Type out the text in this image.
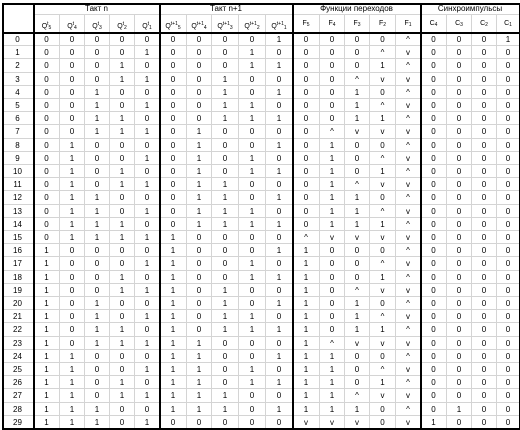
Такт n	Такт n+1	Функции переходов	Синхроимпульсы
$Q^t_5$	$Q^t_4$	$Q^t_3$	$Q^t_2$	$Q^t_1$	$Q^{t+1}_5$	$Q^{t+1}_4$	$Q^{t+1}_3$	$Q^{t+1}_2$	$Q^{t+1}_1$
$F_5$	$F_4$	$F_3$	$F_2$	$F_1$	$C_4$	$C_3$	$C_2$	$C_1$
0	0	0	0	0	0	0	0	0	0	1	0	0	0	0	^	0	0	0	1
1	0	0	0	0	1	0	0	0	1	0	0	0	0	^	v	0	0	0	0
2	0	0	0	1	0	0	0	0	1	1	0	0	0	1	^	0	0	0	0
3	0	0	0	1	1	0	0	1	0	0	0	0	^	v	v	0	0	0	0
4	0	0	1	0	0	0	0	1	0	1	0	0	1	0	^	0	0	0	0
5	0	0	1	0	1	0	0	1	1	0	0	0	1	^	v	0	0	0	0
6	0	0	1	1	0	0	0	1	1	1	0	0	1	1	^	0	0	0	0
7	0	0	1	1	1	0	1	0	0	0	0	^	v	v	v	0	0	0	0
8	0	1	0	0	0	0	1	0	0	1	0	1	0	0	^	0	0	0	0
9	0	1	0	0	1	0	1	0	1	0	0	1	0	^	v	0	0	0	0
10	0	1	0	1	0	0	1	0	1	1	0	1	0	1	^	0	0	0	0
11	0	1	0	1	1	0	1	1	0	0	0	1	^	v	v	0	0	0	0
12	0	1	1	0	0	0	1	1	0	1	0	1	1	0	^	0	0	0	0
13	0	1	1	0	1	0	1	1	1	0	0	1	1	^	v	0	0	0	0
14	0	1	1	1	0	0	1	1	1	1	0	1	1	1	^	0	0	0	0
15	0	1	1	1	1	1	0	0	0	0	^	v	v	v	v	0	0	0	0
16	1	0	0	0	0	1	0	0	0	1	1	0	0	0	^	0	0	0	0
17	1	0	0	0	1	1	0	0	1	0	1	0	0	^	v	0	0	0	0
18	1	0	0	1	0	1	0	0	1	1	1	0	0	1	^	0	0	0	0
19	1	0	0	1	1	1	0	1	0	0	1	0	^	v	v	0	0	0	0
20	1	0	1	0	0	1	0	1	0	1	1	0	1	0	^	0	0	0	0
21	1	0	1	0	1	1	0	1	1	0	1	0	1	^	v	0	0	0	0
22	1	0	1	1	0	1	0	1	1	1	1	0	1	1	^	0	0	0	0
23	1	0	1	1	1	1	1	0	0	0	1	^	v	v	v	0	0	0	0
24	1	1	0	0	0	1	1	0	0	1	1	1	0	0	^	0	0	0	0
25	1	1	0	0	1	1	1	0	1	0	1	1	0	^	v	0	0	0	0
26	1	1	0	1	0	1	1	0	1	1	1	1	0	1	^	0	0	0	0
27	1	1	0	1	1	1	1	1	0	0	1	1	^	v	v	0	0	0	0
28	1	1	1	0	0	1	1	1	0	1	1	1	1	0	^	0	1	0	0
29	1	1	1	0	1	0	0	0	0	0	v	v	v	0	v	1	0	0	0
